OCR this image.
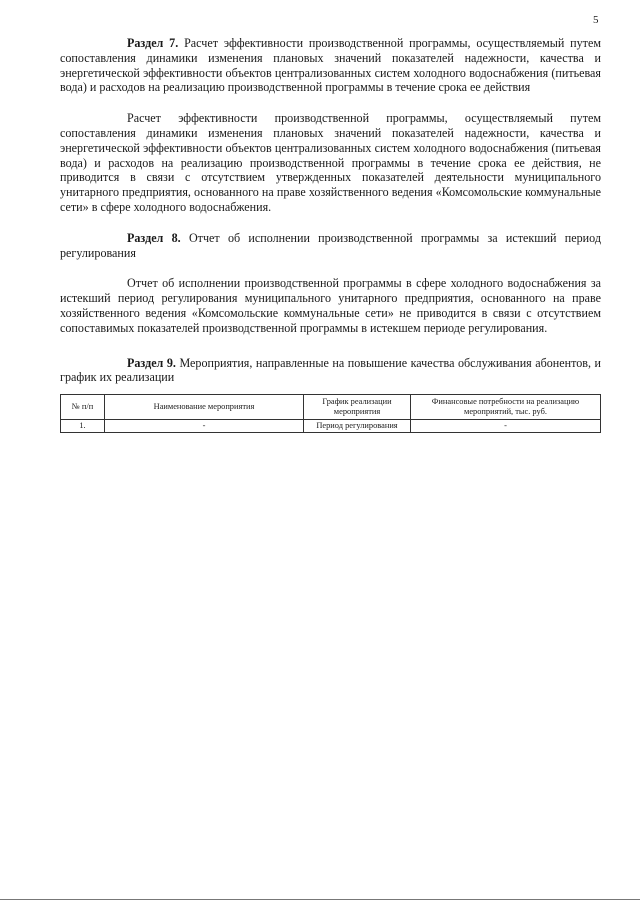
5

Раздел 7. Расчет эффективности производственной программы, осуществляемый путем сопоставления динамики изменения плановых значений показателей надежности, качества и энергетической эффективности объектов централизованных систем холодного водоснабжения (питьевая вода) и расходов на реализацию производственной программы в течение срока ее действия

Расчет эффективности производственной программы, осуществляемый путем сопоставления динамики изменения плановых значений показателей надежности, качества и энергетической эффективности объектов централизованных систем холодного водоснабжения (питьевая вода) и расходов на реализацию производственной программы в течение срока ее действия, не приводится в связи с отсутствием утвержденных показателей деятельности муниципального унитарного предприятия, основанного на праве хозяйственного ведения «Комсомольские коммунальные сети» в сфере холодного водоснабжения.

Раздел 8. Отчет об исполнении производственной программы за истекший период регулирования

Отчет об исполнении производственной программы в сфере холодного водоснабжения за истекший период регулирования муниципального унитарного предприятия, основанного на праве хозяйственного ведения «Комсомольские коммунальные сети» не приводится в связи с отсутствием сопоставимых показателей производственной программы в истекшем периоде регулирования.

Раздел 9. Мероприятия, направленные на повышение качества обслуживания абонентов, и график их реализации

№ п/п	Наименование мероприятия	График реализации мероприятия	Финансовые потребности на реализацию мероприятий, тыс. руб.
1.	-	Период регулирования	-
